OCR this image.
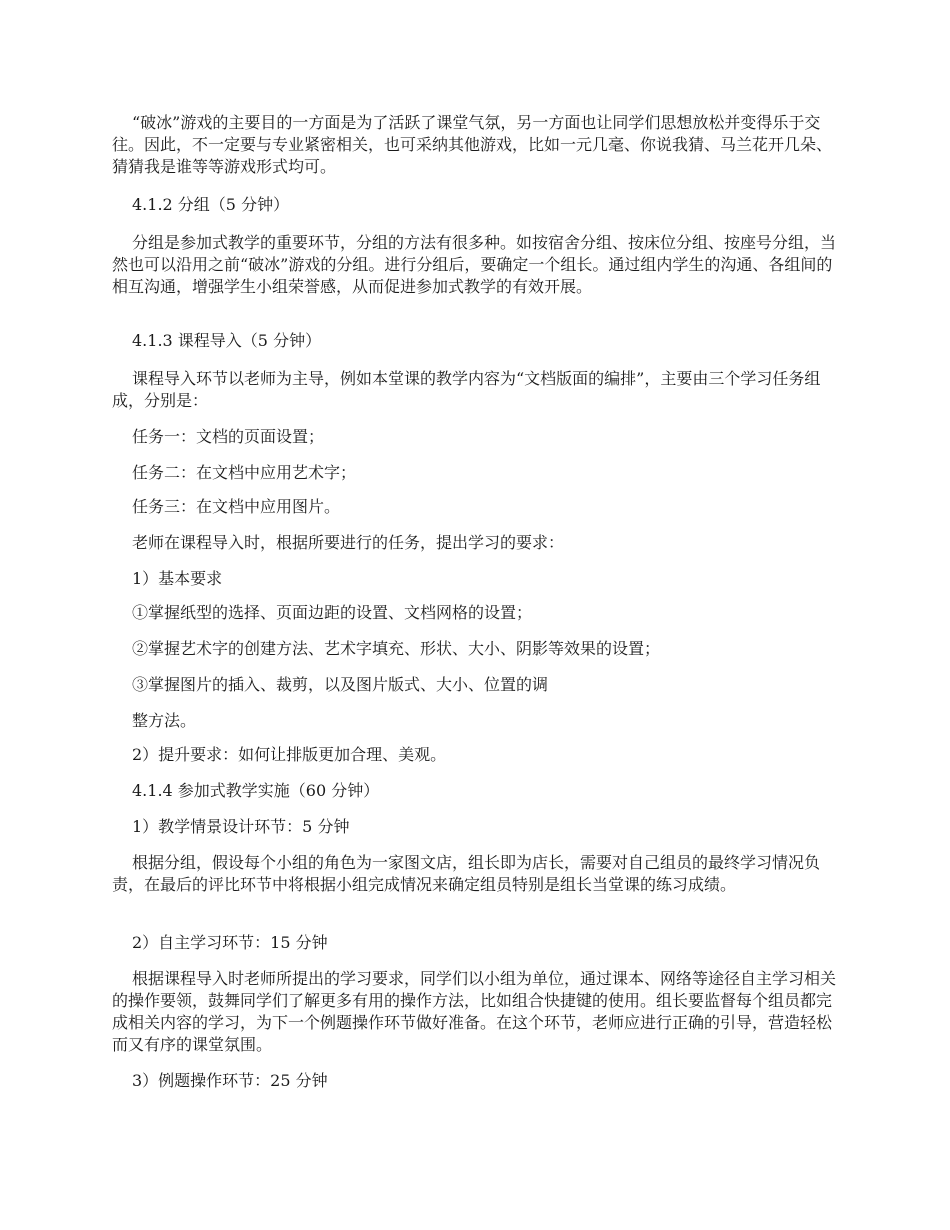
“破冰”游戏的主要目的一方面是为了活跃了课堂气氛，另一方面也让同学们思想放松并变得乐于交往。因此，不一定要与专业紧密相关，也可采纳其他游戏，比如一元几毫、你说我猜、马兰花开几朵、猜猜我是谁等等游戏形式均可。

4.1.2 分组（5 分钟）

分组是参加式教学的重要环节，分组的方法有很多种。如按宿舍分组、按床位分组、按座号分组，当然也可以沿用之前“破冰”游戏的分组。进行分组后，要确定一个组长。通过组内学生的沟通、各组间的相互沟通，增强学生小组荣誉感，从而促进参加式教学的有效开展。

4.1.3 课程导入（5 分钟）

课程导入环节以老师为主导，例如本堂课的教学内容为“文档版面的编排”，主要由三个学习任务组成，分别是：

任务一：文档的页面设置；

任务二：在文档中应用艺术字；

任务三：在文档中应用图片。

老师在课程导入时，根据所要进行的任务，提出学习的要求：

1）基本要求

①掌握纸型的选择、页面边距的设置、文档网格的设置；

②掌握艺术字的创建方法、艺术字填充、形状、大小、阴影等效果的设置；

③掌握图片的插入、裁剪，以及图片版式、大小、位置的调

整方法。

2）提升要求：如何让排版更加合理、美观。

4.1.4 参加式教学实施（60 分钟）

1）教学情景设计环节：5 分钟

根据分组，假设每个小组的角色为一家图文店，组长即为店长，需要对自己组员的最终学习情况负责，在最后的评比环节中将根据小组完成情况来确定组员特别是组长当堂课的练习成绩。

2）自主学习环节：15 分钟

根据课程导入时老师所提出的学习要求，同学们以小组为单位，通过课本、网络等途径自主学习相关的操作要领，鼓舞同学们了解更多有用的操作方法，比如组合快捷键的使用。组长要监督每个组员都完成相关内容的学习，为下一个例题操作环节做好准备。在这个环节，老师应进行正确的引导，营造轻松而又有序的课堂氛围。

3）例题操作环节：25 分钟
